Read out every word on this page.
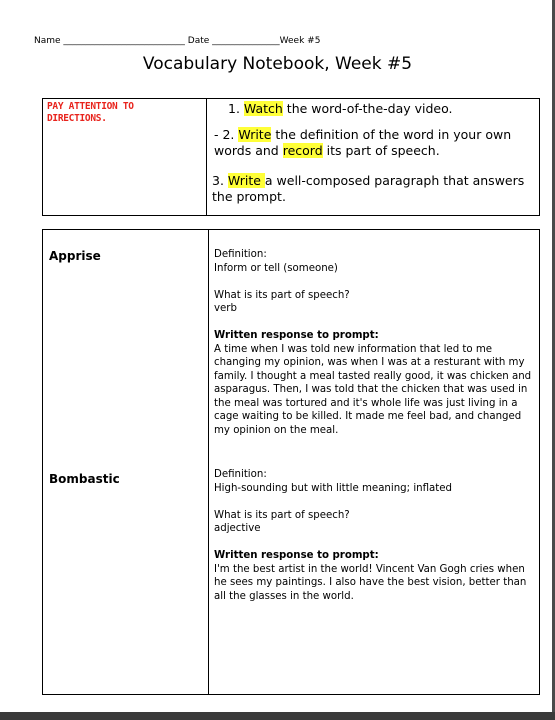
Name ___________________________ Date _______________Week #5
Vocabulary Notebook, Week #5
PAY ATTENTION TO DIRECTIONS.
1. Watch the word-of-the-day video.
- 2. Write the definition of the word in your own words and record its part of speech.
3. Write a well-composed paragraph that answers the prompt.
Apprise	Definition:
Inform or tell (someone)
What is its part of speech?
verb
Written response to prompt:
A time when I was told new information that led to me changing my opinion, was when I was at a resturant with my family. I thought a meal tasted really good, it was chicken and asparagus. Then, I was told that the chicken that was used in the meal was tortured and it's whole life was just living in a cage waiting to be killed. It made me feel bad, and changed my opinion on the meal.
Bombastic	Definition:
High-sounding but with little meaning; inflated
What is its part of speech?
adjective
Written response to prompt:
I'm the best artist in the world! Vincent Van Gogh cries when he sees my paintings. I also have the best vision, better than all the glasses in the world.
